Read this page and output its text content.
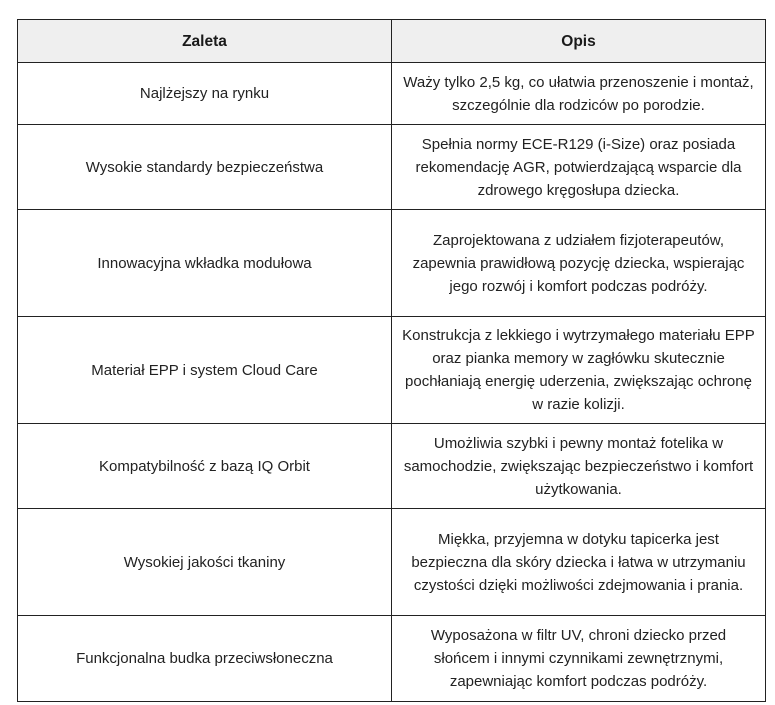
Zaleta	Opis
Najlżejszy na rynku	Waży tylko 2,5 kg, co ułatwia przenoszenie i montaż, szczególnie dla rodziców po porodzie.
Wysokie standardy bezpieczeństwa	Spełnia normy ECE-R129 (i-Size) oraz posiada rekomendację AGR, potwierdzającą wsparcie dla zdrowego kręgosłupa dziecka.
Innowacyjna wkładka modułowa	Zaprojektowana z udziałem fizjoterapeutów, zapewnia prawidłową pozycję dziecka, wspierając jego rozwój i komfort podczas podróży.
Materiał EPP i system Cloud Care	Konstrukcja z lekkiego i wytrzymałego materiału EPP oraz pianka memory w zagłówku skutecznie pochłaniają energię uderzenia, zwiększając ochronę w razie kolizji.
Kompatybilność z bazą IQ Orbit	Umożliwia szybki i pewny montaż fotelika w samochodzie, zwiększając bezpieczeństwo i komfort użytkowania.
Wysokiej jakości tkaniny	Miękka, przyjemna w dotyku tapicerka jest bezpieczna dla skóry dziecka i łatwa w utrzymaniu czystości dzięki możliwości zdejmowania i prania.
Funkcjonalna budka przeciwsłoneczna	Wyposażona w filtr UV, chroni dziecko przed słońcem i innymi czynnikami zewnętrznymi, zapewniając komfort podczas podróży.
